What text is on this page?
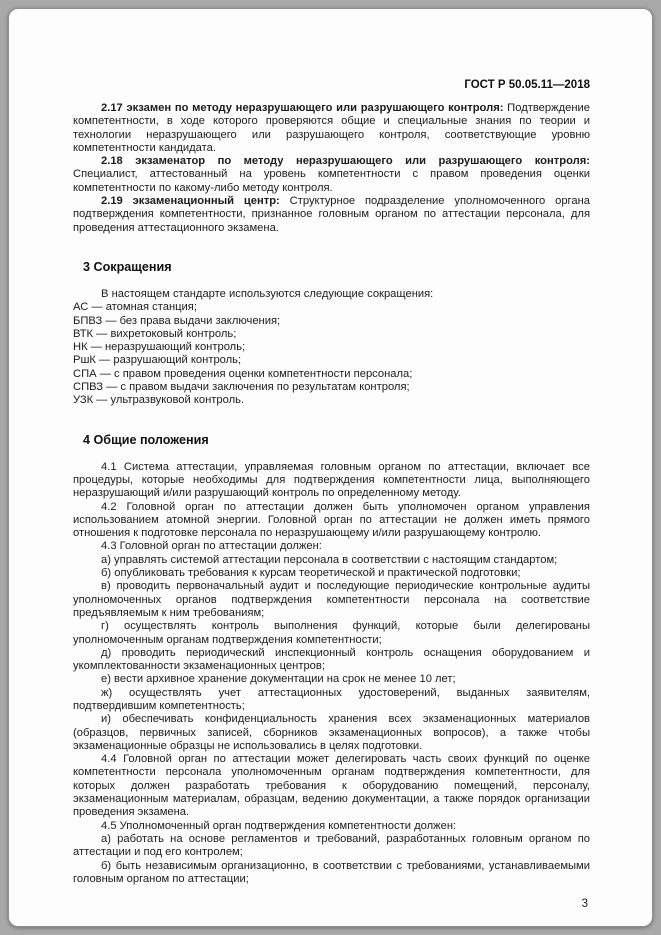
ГОСТ Р 50.05.11—2018

2.17 экзамен по методу неразрушающего или разрушающего контроля: Подтверждение компетентности, в ходе которого проверяются общие и специальные знания по теории и технологии неразрушающего или разрушающего контроля, соответствующие уровню компетентности кандидата.

2.18 экзаменатор по методу неразрушающего или разрушающего контроля: Специалист, аттестованный на уровень компетентности с правом проведения оценки компетентности по какому-либо методу контроля.

2.19 экзаменационный центр: Структурное подразделение уполномоченного органа подтверждения компетентности, признанное головным органом по аттестации персонала, для проведения аттестационного экзамена.

3 Сокращения

В настоящем стандарте используются следующие сокращения:

АС — атомная станция;

БПВЗ — без права выдачи заключения;

ВТК — вихретоковый контроль;

НК — неразрушающий контроль;

РшК — разрушающий контроль;

СПА — с правом проведения оценки компетентности персонала;

СПВЗ — с правом выдачи заключения по результатам контроля;

УЗК — ультразвуковой контроль.

4 Общие положения

4.1 Система аттестации, управляемая головным органом по аттестации, включает все процедуры, которые необходимы для подтверждения компетентности лица, выполняющего неразрушающий и/или разрушающий контроль по определенному методу.

4.2 Головной орган по аттестации должен быть уполномочен органом управления использованием атомной энергии. Головной орган по аттестации не должен иметь прямого отношения к подготовке персонала по неразрушающему и/или разрушающему контролю.

4.3 Головной орган по аттестации должен:

а) управлять системой аттестации персонала в соответствии с настоящим стандартом;

б) опубликовать требования к курсам теоретической и практической подготовки;

в) проводить первоначальный аудит и последующие периодические контрольные аудиты уполномоченных органов подтверждения компетентности персонала на соответствие предъявляемым к ним требованиям;

г) осуществлять контроль выполнения функций, которые были делегированы уполномоченным органам подтверждения компетентности;

д) проводить периодический инспекционный контроль оснащения оборудованием и укомплектованности экзаменационных центров;

е) вести архивное хранение документации на срок не менее 10 лет;

ж) осуществлять учет аттестационных удостоверений, выданных заявителям, подтвердившим компетентность;

и) обеспечивать конфиденциальность хранения всех экзаменационных материалов (образцов, первичных записей, сборников экзаменационных вопросов), а также чтобы экзаменационные образцы не использовались в целях подготовки.

4.4 Головной орган по аттестации может делегировать часть своих функций по оценке компетентности персонала уполномоченным органам подтверждения компетентности, для которых должен разработать требования к оборудованию помещений, персоналу, экзаменационным материалам, образцам, ведению документации, а также порядок организации проведения экзамена.

4.5 Уполномоченный орган подтверждения компетентности должен:

а) работать на основе регламентов и требований, разработанных головным органом по аттестации и под его контролем;

б) быть независимым организационно, в соответствии с требованиями, устанавливаемыми головным органом по аттестации;

3
